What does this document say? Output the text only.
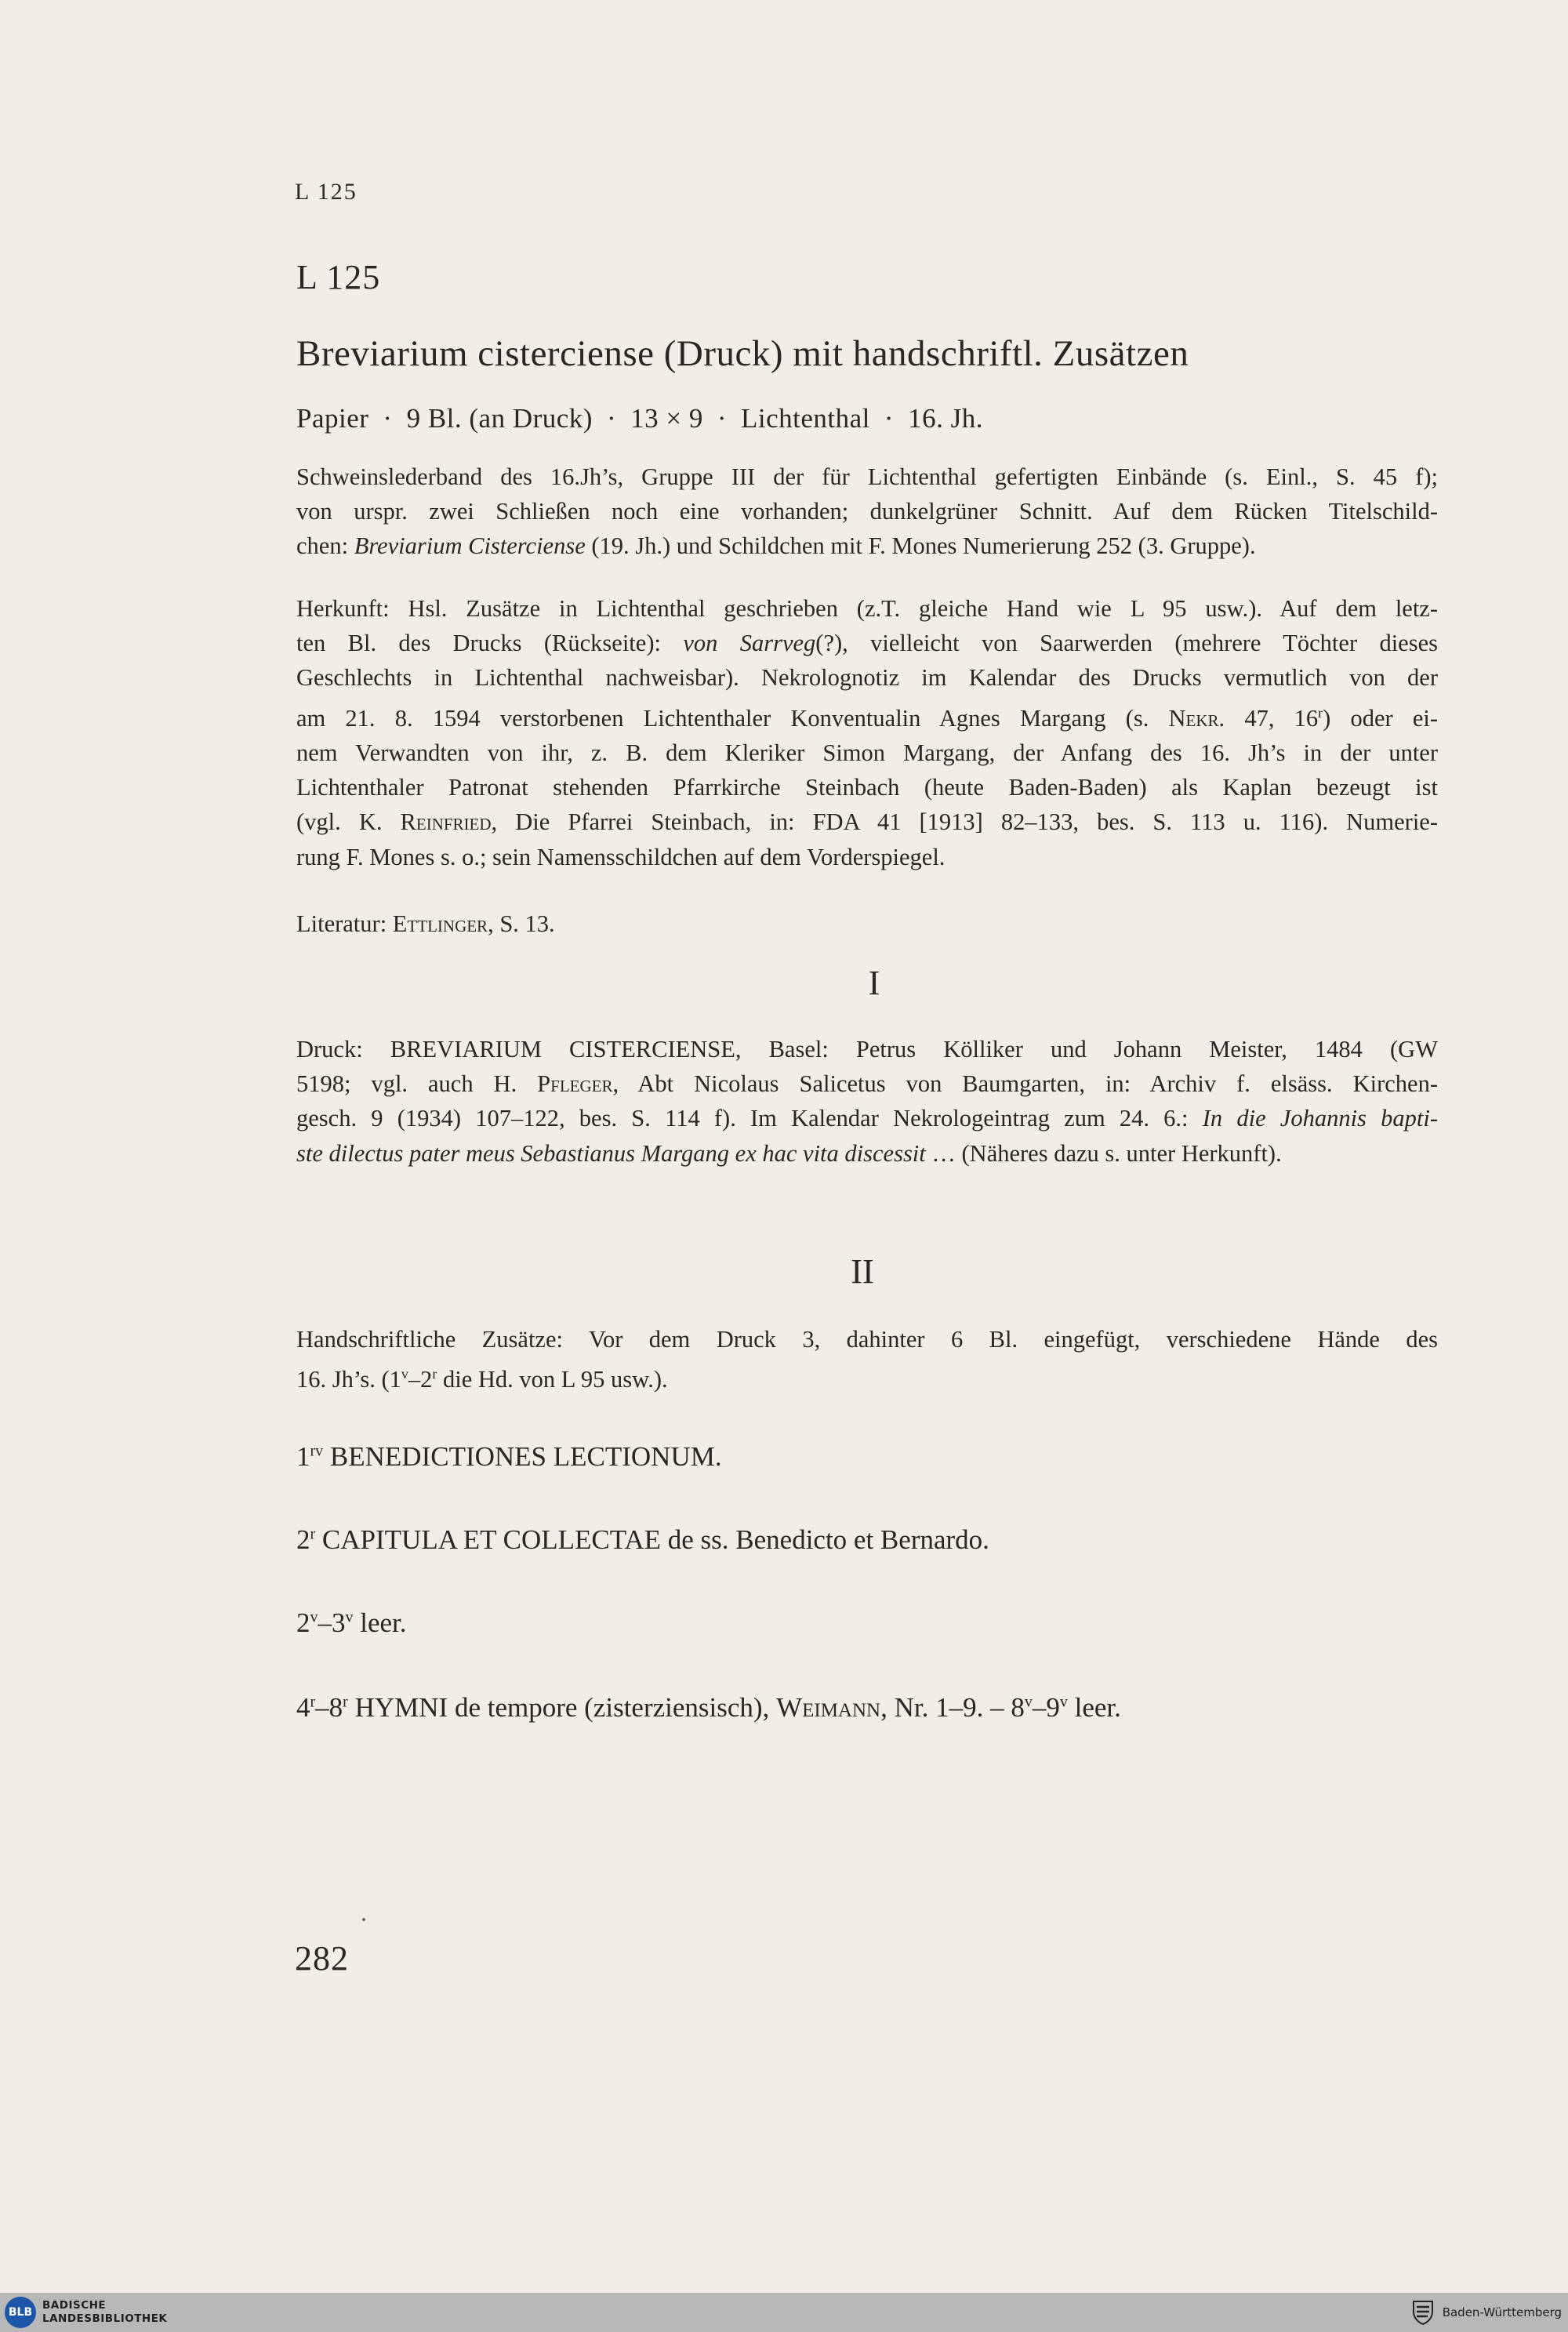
L 125
L 125
Breviarium cisterciense (Druck) mit handschriftl. Zusätzen
Papier · 9 Bl. (an Druck) · 13 × 9 · Lichtenthal · 16. Jh.
Schweinslederband des 16.Jh’s, Gruppe III der für Lichtenthal gefertigten Einbände (s. Einl., S. 45 f);
von urspr. zwei Schließen noch eine vorhanden; dunkelgrüner Schnitt. Auf dem Rücken Titelschild-
chen: Breviarium Cisterciense (19. Jh.) und Schildchen mit F. Mones Numerierung 252 (3. Gruppe).
Herkunft: Hsl. Zusätze in Lichtenthal geschrieben (z.T. gleiche Hand wie L 95 usw.). Auf dem letz-
ten Bl. des Drucks (Rückseite): von Sarrveg(?), vielleicht von Saarwerden (mehrere Töchter dieses
Geschlechts in Lichtenthal nachweisbar). Nekrolognotiz im Kalendar des Drucks vermutlich von der
am 21. 8. 1594 verstorbenen Lichtenthaler Konventualin Agnes Margang (s. Nekr. 47, 16$^r$) oder ei-
nem Verwandten von ihr, z. B. dem Kleriker Simon Margang, der Anfang des 16. Jh’s in der unter
Lichtenthaler Patronat stehenden Pfarrkirche Steinbach (heute Baden-Baden) als Kaplan bezeugt ist
(vgl. K. Reinfried, Die Pfarrei Steinbach, in: FDA 41 [1913] 82–133, bes. S. 113 u. 116). Numerie-
rung F. Mones s. o.; sein Namensschildchen auf dem Vorderspiegel.
Literatur: Ettlinger, S. 13.
I
Druck: BREVIARIUM CISTERCIENSE, Basel: Petrus Kölliker und Johann Meister, 1484 (GW
5198; vgl. auch H. Pfleger, Abt Nicolaus Salicetus von Baumgarten, in: Archiv f. elsäss. Kirchen-
gesch. 9 (1934) 107–122, bes. S. 114 f). Im Kalendar Nekrologeintrag zum 24. 6.: In die Johannis bapti-
ste dilectus pater meus Sebastianus Margang ex hac vita discessit … (Näheres dazu s. unter Herkunft).
II
Handschriftliche Zusätze: Vor dem Druck 3, dahinter 6 Bl. eingefügt, verschiedene Hände des
16. Jh’s. (1$^v$–2$^r$ die Hd. von L 95 usw.).
$1^{rv}$ BENEDICTIONES LECTIONUM.
2$^r$ CAPITULA ET COLLECTAE de ss. Benedicto et Bernardo.
2$^v$–3$^v$ leer.
4$^r$–8$^r$ HYMNI de tempore (zisterziensisch), Weimann, Nr. 1–9. – 8$^v$–9$^v$ leer.
282
BLB
BADISCHE
LANDESBIBLIOTHEK	Baden-Württemberg
